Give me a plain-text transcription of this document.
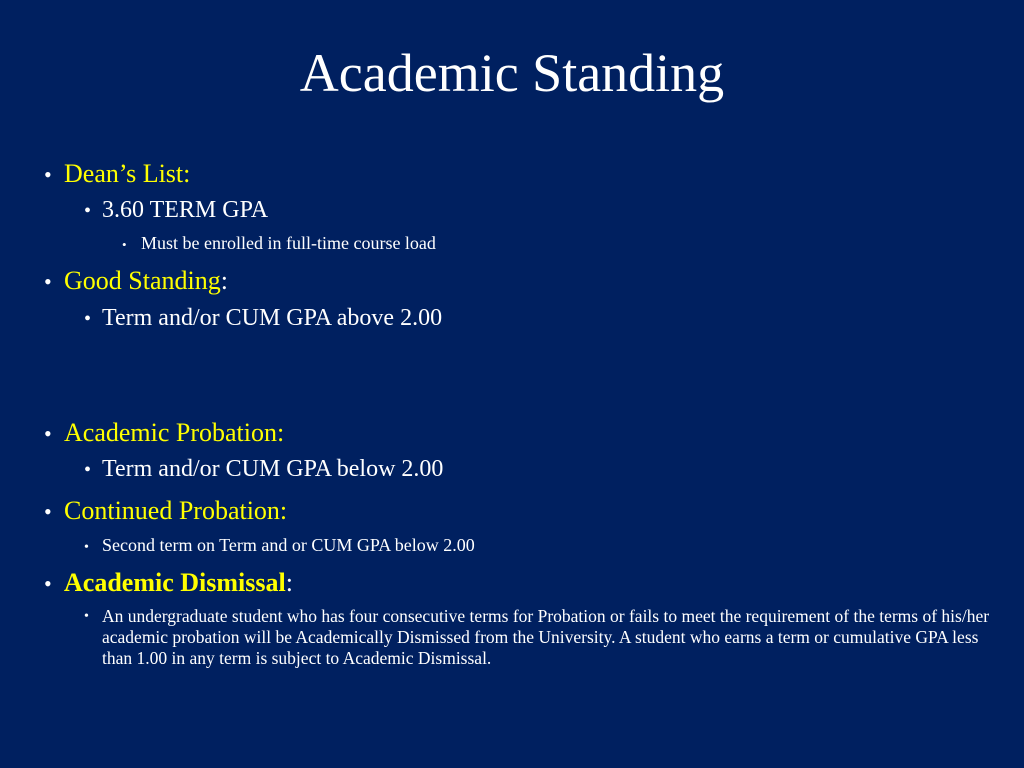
Academic Standing
• Dean’s List:
• 3.60 TERM GPA
• Must be enrolled in full-time course load
• Good Standing :
• Term and/or CUM GPA above 2.00
• Academic Probation:
• Term and/or CUM GPA below 2.00
• Continued Probation:
• Second term on Term and or CUM GPA below 2.00
• Academic Dismissal :
• An undergraduate student who has four consecutive terms for Probation or fails to meet the requirement of the terms of his/her academic probation will be Academically Dismissed from the University. A student who earns a term or cumulative GPA less than 1.00 in any term is subject to Academic Dismissal.
